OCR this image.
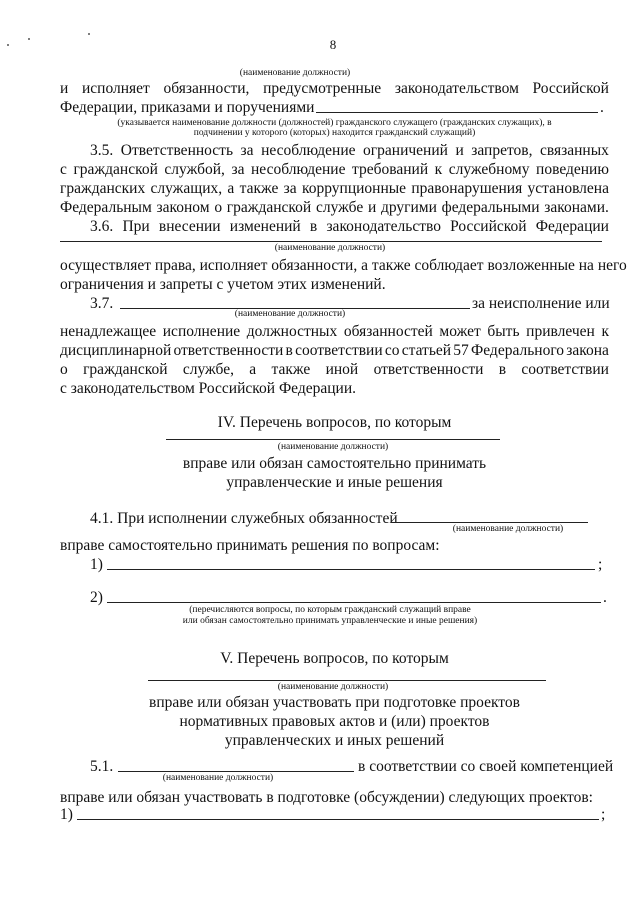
8
(наименование должности)
и исполняет обязанности, предусмотренные законодательством Российской
Федерации, приказами и поручениями	.
(указывается наименование должности (должностей) гражданского служащего (гражданских служащих), в
подчинении у которого (которых) находится гражданский служащий)
3.5. Ответственность за несоблюдение ограничений и запретов, связанных
с гражданской службой, за несоблюдение требований к служебному поведению
гражданских служащих, а также за коррупционные правонарушения установлена
Федеральным законом о гражданской службе и другими федеральными законами.
3.6. При внесении изменений в законодательство Российской Федерации
(наименование должности)
осуществляет права, исполняет обязанности, а также соблюдает возложенные на него
ограничения и запреты с учетом этих изменений.
3.7.	за неисполнение или
(наименование должности)
ненадлежащее исполнение должностных обязанностей может быть привлечен к
дисциплинарной ответственности в соответствии со статьей 57 Федерального закона
о гражданской службе, а также иной ответственности в соответствии
с законодательством Российской Федерации.
IV. Перечень вопросов, по которым
(наименование должности)
вправе или обязан самостоятельно принимать
управленческие и иные решения
4.1. При исполнении служебных обязанностей
(наименование должности)
вправе самостоятельно принимать решения по вопросам:
1)	;
2)	.
(перечисляются вопросы, по которым гражданский служащий вправе
или обязан самостоятельно принимать управленческие и иные решения)
V. Перечень вопросов, по которым
(наименование должности)
вправе или обязан участвовать при подготовке проектов
нормативных правовых актов и (или) проектов
управленческих и иных решений
5.1.	в соответствии со своей компетенцией
(наименование должности)
вправе или обязан участвовать в подготовке (обсуждении) следующих проектов:
1)	;
